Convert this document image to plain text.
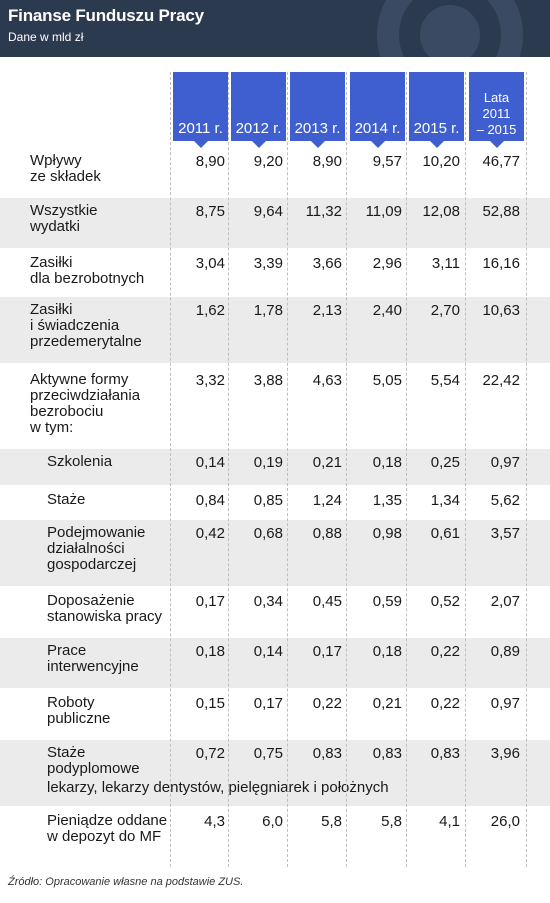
Finanse Funduszu Pracy
Dane w mld zł
Źródło: Opracowanie własne na podstawie ZUS.
2011 r. 2012 r. 2013 r. 2014 r. 2015 r.
Lata
2011
– 2015
Wpływy
ze składek
8,90	9,20	8,90	9,57	10,20	46,77
Wszystkie
wydatki
8,75	9,64	11,32	11,09	12,08	52,88
Zasiłki
dla bezrobotnych
3,04	3,39	3,66	2,96	3,11	16,16
Zasiłki
i świadczenia
przedemerytalne
1,62	1,78	2,13	2,40	2,70	10,63
Aktywne formy
przeciwdziałania
bezrobociu
w tym:
3,32	3,88	4,63	5,05	5,54	22,42
Szkolenia	0,14	0,19	0,21	0,18	0,25	0,97
Staże	0,84	0,85	1,24	1,35	1,34	5,62
Podejmowanie
działalności
gospodarczej
0,42	0,68	0,88	0,98	0,61	3,57
Doposażenie
stanowiska pracy
0,17	0,34	0,45	0,59	0,52	2,07
Prace
interwencyjne
0,18	0,14	0,17	0,18	0,22	0,89
Roboty
publiczne
0,15	0,17	0,22	0,21	0,22	0,97
Staże
podyplomowe
0,72	0,75	0,83	0,83	0,83	3,96
lekarzy, lekarzy dentystów, pielęgniarek i położnych
Pieniądze oddane
w depozyt do MF
4,3	6,0	5,8	5,8	4,1	26,0
